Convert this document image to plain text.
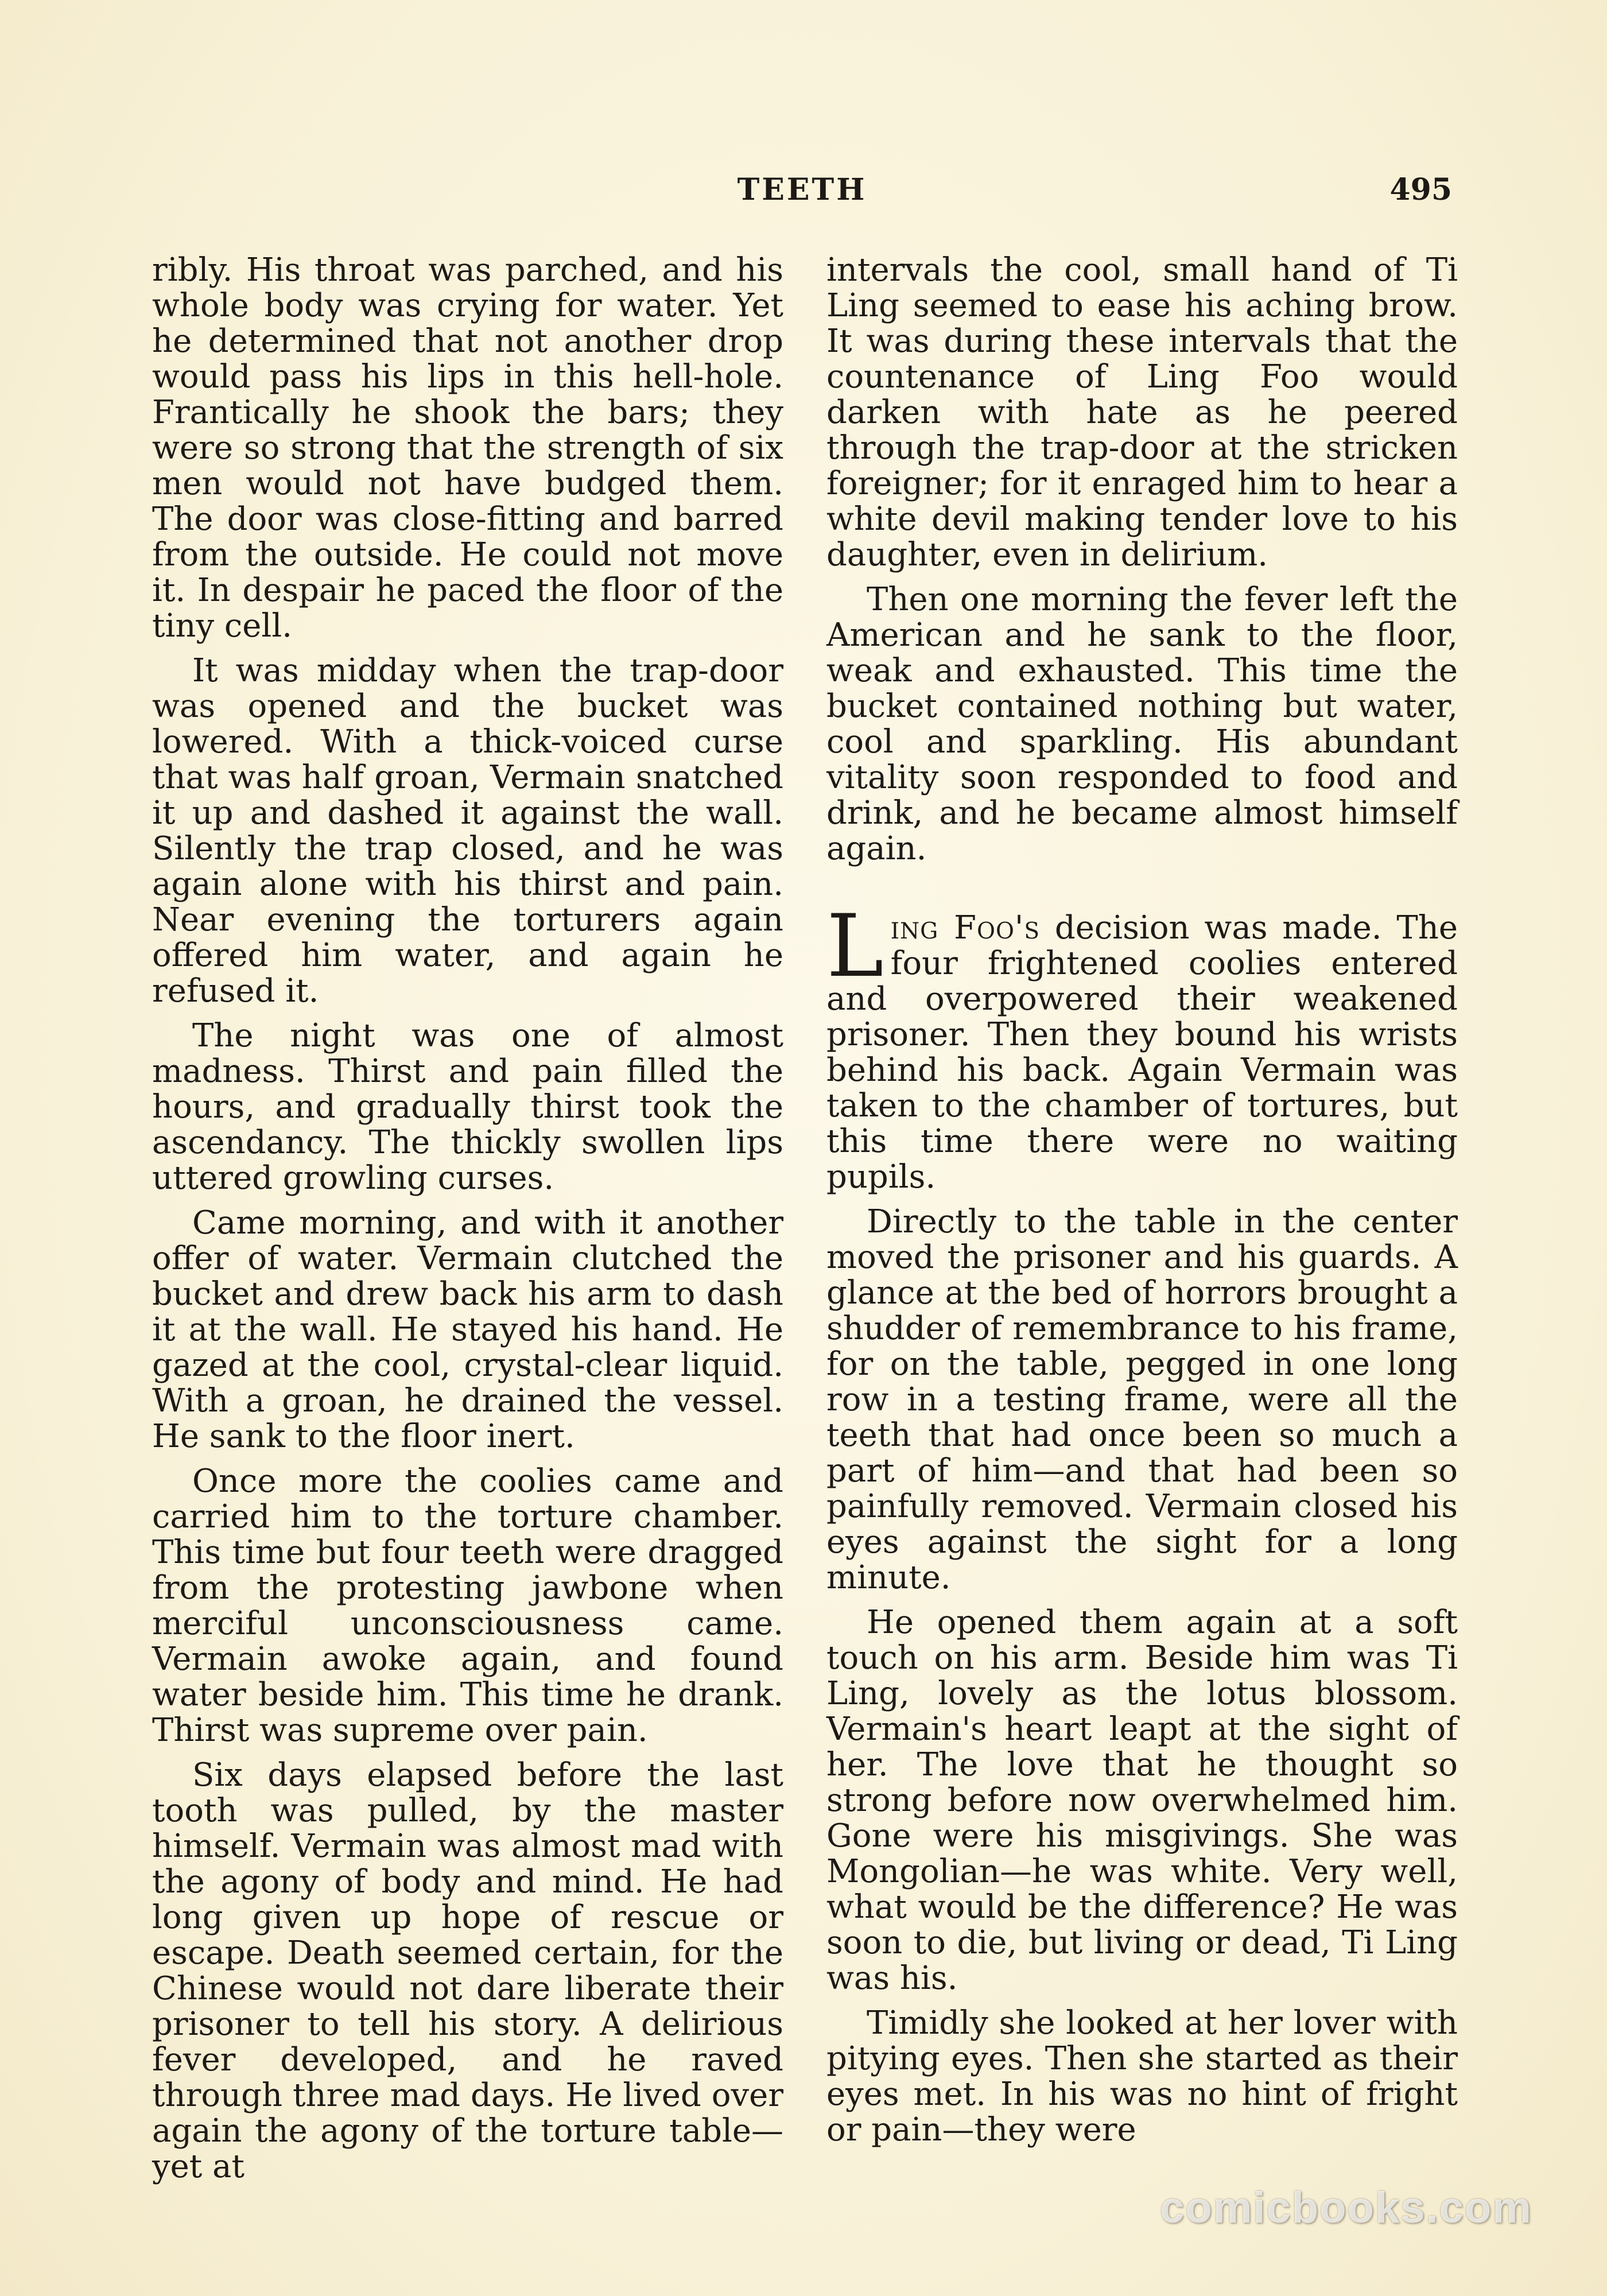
TEETH	495

ribly. His throat was parched, and his whole body was crying for water. Yet he determined that not another drop would pass his lips in this hell-hole. Frantically he shook the bars; they were so strong that the strength of six men would not have budged them. The door was close-fitting and barred from the outside. He could not move it. In despair he paced the floor of the tiny cell.

It was midday when the trap-door was opened and the bucket was lowered. With a thick-voiced curse that was half groan, Vermain snatched it up and dashed it against the wall. Silently the trap closed, and he was again alone with his thirst and pain. Near evening the torturers again offered him water, and again he refused it.

The night was one of almost madness. Thirst and pain filled the hours, and gradually thirst took the ascendancy. The thickly swollen lips uttered growling curses.

Came morning, and with it another offer of water. Vermain clutched the bucket and drew back his arm to dash it at the wall. He stayed his hand. He gazed at the cool, crystal-clear liquid. With a groan, he drained the vessel. He sank to the floor inert.

Once more the coolies came and carried him to the torture chamber. This time but four teeth were dragged from the protesting jawbone when merciful unconsciousness came. Vermain awoke again, and found water beside him. This time he drank. Thirst was supreme over pain.

Six days elapsed before the last tooth was pulled, by the master himself. Vermain was almost mad with the agony of body and mind. He had long given up hope of rescue or escape. Death seemed certain, for the Chinese would not dare liberate their prisoner to tell his story. A delirious fever developed, and he raved through three mad days. He lived over again the agony of the torture table—yet at

intervals the cool, small hand of Ti Ling seemed to ease his aching brow. It was during these intervals that the countenance of Ling Foo would darken with hate as he peered through the trap-door at the stricken foreigner; for it enraged him to hear a white devil making tender love to his daughter, even in delirium.

Then one morning the fever left the American and he sank to the floor, weak and exhausted. This time the bucket contained nothing but water, cool and sparkling. His abundant vitality soon responded to food and drink, and he became almost himself again.

Ling Foo's decision was made. The four frightened coolies entered and overpowered their weakened prisoner. Then they bound his wrists behind his back. Again Vermain was taken to the chamber of tortures, but this time there were no waiting pupils.

Directly to the table in the center moved the prisoner and his guards. A glance at the bed of horrors brought a shudder of remembrance to his frame, for on the table, pegged in one long row in a testing frame, were all the teeth that had once been so much a part of him—and that had been so painfully removed. Vermain closed his eyes against the sight for a long minute.

He opened them again at a soft touch on his arm. Beside him was Ti Ling, lovely as the lotus blossom. Vermain's heart leapt at the sight of her. The love that he thought so strong before now overwhelmed him. Gone were his misgivings. She was Mongolian—he was white. Very well, what would be the difference? He was soon to die, but living or dead, Ti Ling was his.

Timidly she looked at her lover with pitying eyes. Then she started as their eyes met. In his was no hint of fright or pain—they were

comicbooks.com
